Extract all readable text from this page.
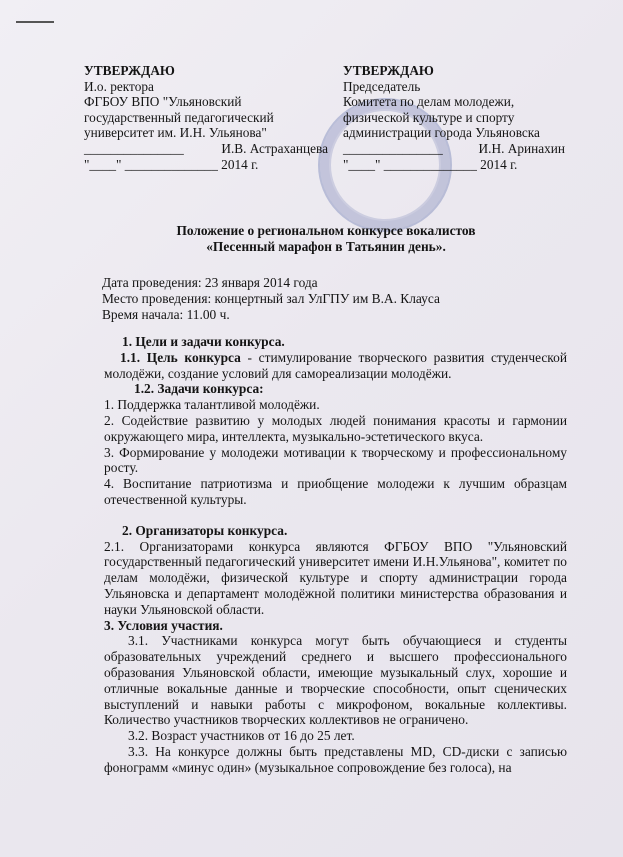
УТВЕРЖДАЮ
И.о. ректора
ФГБОУ ВПО "Ульяновский
государственный педагогический
университет им. И.Н. Ульянова"
_______________	И.В. Астраханцева
"____" ______________ 2014 г.
УТВЕРЖДАЮ
Председатель
Комитета по делам молодежи,
физической культуре и спорту
администрации города Ульяновска
_______________	И.Н. Аринахин
"____" ______________ 2014 г.
Положение о региональном конкурсе вокалистов
«Песенный марафон в Татьянин день».
Дата проведения: 23 января 2014 года
Место проведения: концертный зал УлГПУ им В.А. Клауса
Время начала: 11.00 ч.

1. Цели и задачи конкурса.

1.1. Цель конкурса - стимулирование творческого развития студенческой молодёжи, создание условий для самореализации молодёжи.

1.2. Задачи конкурса:

1. Поддержка талантливой молодёжи.

2. Содействие развитию у молодых людей понимания красоты и гармонии окружающего мира, интеллекта, музыкально-эстетического вкуса.

3. Формирование у молодежи мотивации к творческому и профессиональному росту.

4. Воспитание патриотизма и приобщение молодежи к лучшим образцам отечественной культуры.

2. Организаторы конкурса.

2.1. Организаторами конкурса являются ФГБОУ ВПО "Ульяновский государственный педагогический университет имени И.Н.Ульянова", комитет по делам молодёжи, физической культуре и спорту администрации города Ульяновска и департамент молодёжной политики министерства образования и науки Ульяновской области.

3. Условия участия.

3.1. Участниками конкурса могут быть обучающиеся и студенты образовательных учреждений среднего и высшего профессионального образования Ульяновской области, имеющие музыкальный слух, хорошие и отличные вокальные данные и творческие способности, опыт сценических выступлений и навыки работы с микрофоном, вокальные коллективы. Количество участников творческих коллективов не ограничено.

3.2. Возраст участников от 16 до 25 лет.

3.3. На конкурсе должны быть представлены MD, CD-диски с записью фонограмм «минус один» (музыкальное сопровождение без голоса), на
